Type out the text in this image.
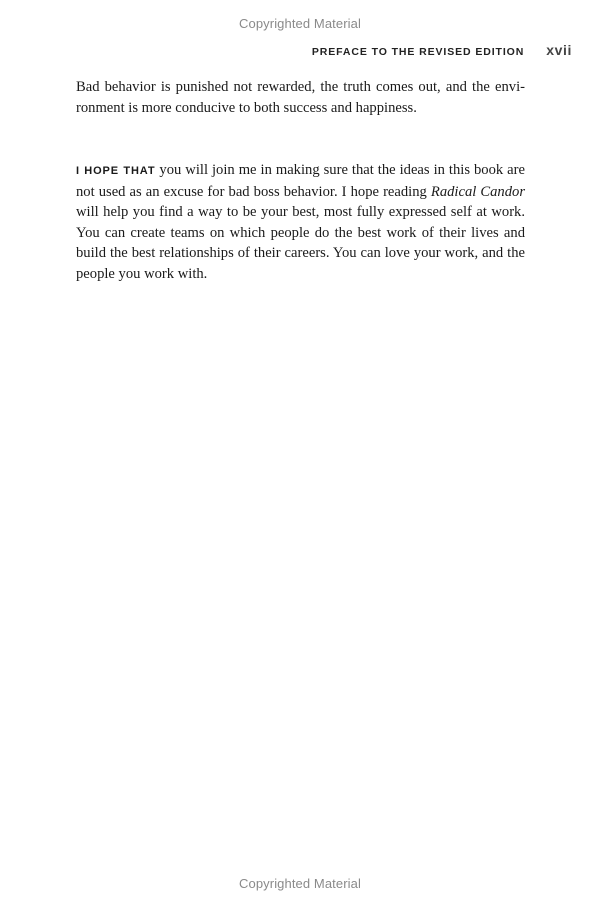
Copyrighted Material
PREFACE TO THE REVISED EDITION xvii

Bad behavior is punished not rewarded, the truth comes out, and the environment is more conducive to both success and happiness.

I HOPE THAT you will join me in making sure that the ideas in this book are not used as an excuse for bad boss behavior. I hope reading Radical Candor will help you find a way to be your best, most fully expressed self at work. You can create teams on which people do the best work of their lives and build the best relationships of their careers. You can love your work, and the people you work with.

Copyrighted Material
